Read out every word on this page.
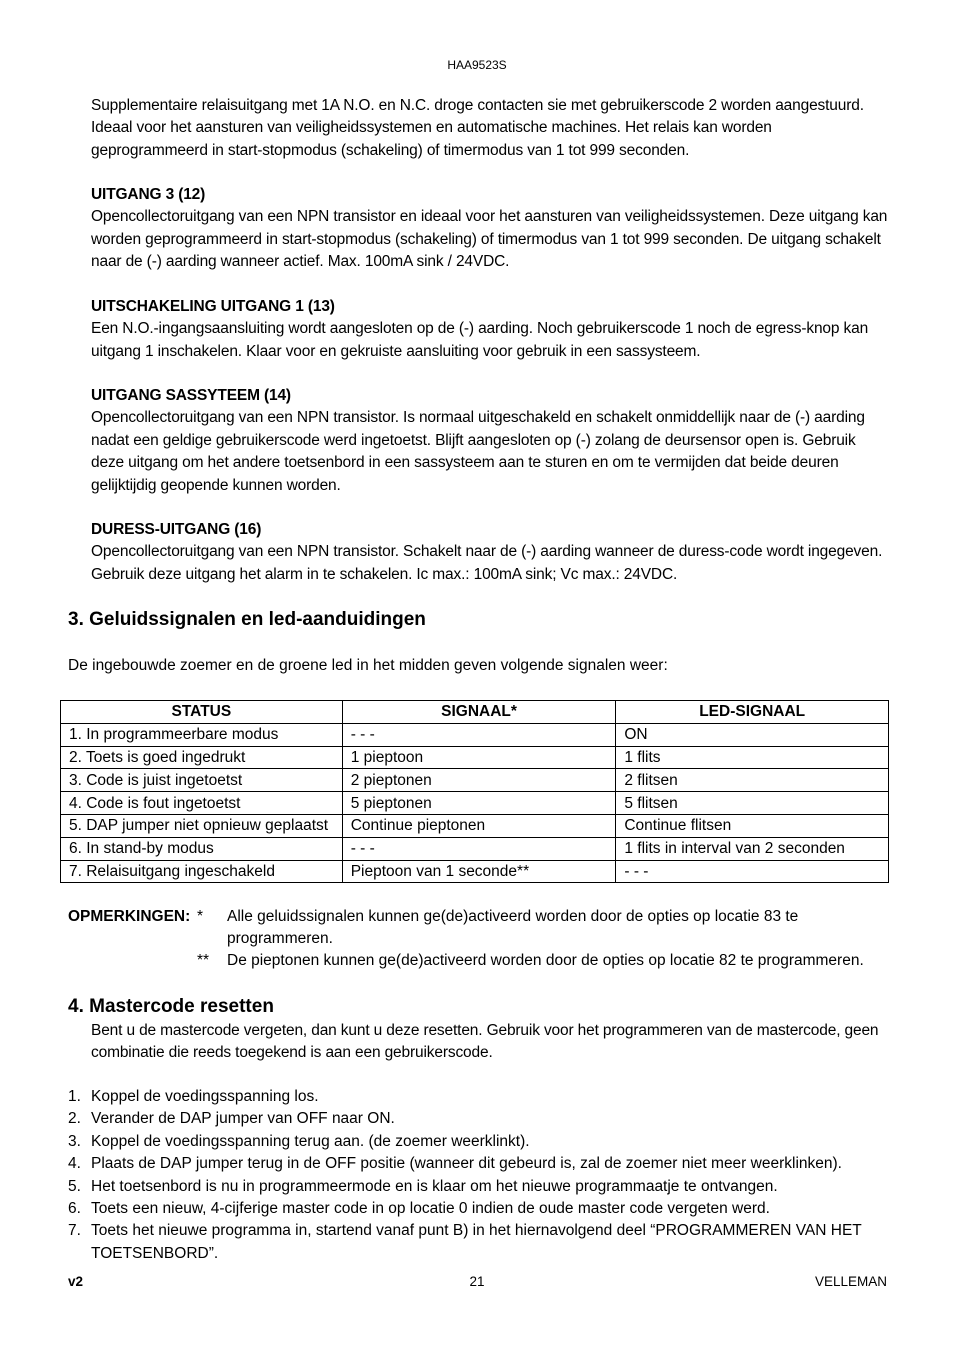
HAA9523S

Supplementaire relaisuitgang met 1A N.O. en N.C. droge contacten sie met gebruikerscode 2 worden aangestuurd. Ideaal voor het aansturen van veiligheidssystemen en automatische machines. Het relais kan worden geprogrammeerd in start-stopmodus (schakeling) of timermodus van 1 tot 999 seconden.

UITGANG 3 (12)

Opencollectoruitgang van een NPN transistor en ideaal voor het aansturen van veiligheidssystemen. Deze uitgang kan worden geprogrammeerd in start-stopmodus (schakeling) of timermodus van 1 tot 999 seconden. De uitgang schakelt naar de (-) aarding wanneer actief. Max. 100mA sink / 24VDC.

UITSCHAKELING UITGANG 1 (13)

Een N.O.-ingangsaansluiting wordt aangesloten op de (-) aarding. Noch gebruikerscode 1 noch de egress-knop kan uitgang 1 inschakelen. Klaar voor en gekruiste aansluiting voor gebruik in een sassysteem.

UITGANG SASSYTEEM (14)

Opencollectoruitgang van een NPN transistor. Is normaal uitgeschakeld en schakelt onmiddellijk naar de (-) aarding nadat een geldige gebruikerscode werd ingetoetst. Blijft aangesloten op (-) zolang de deursensor open is. Gebruik deze uitgang om het andere toetsenbord in een sassysteem aan te sturen en om te vermijden dat beide deuren gelijktijdig geopende kunnen worden.

DURESS-UITGANG (16)

Opencollectoruitgang van een NPN transistor. Schakelt naar de (-) aarding wanneer de duress-code wordt ingegeven. Gebruik deze uitgang het alarm in te schakelen. Ic max.: 100mA sink; Vc max.: 24VDC.

3. Geluidssignalen en led-aanduidingen
De ingebouwde zoemer en de groene led in het midden geven volgende signalen weer:
STATUS	SIGNAAL*	LED-SIGNAAL
1. In programmeerbare modus	- - -	ON
2. Toets is goed ingedrukt	1 pieptoon	1 flits
3. Code is juist ingetoetst	2 pieptonen	2 flitsen
4. Code is fout ingetoetst	5 pieptonen	5 flitsen
5. DAP jumper niet opnieuw geplaatst	Continue pieptonen	Continue flitsen
6. In stand-by modus	- - -	1 flits in interval van 2 seconden
7. Relaisuitgang ingeschakeld	Pieptoon van 1 seconde**	- - -
OPMERKINGEN: * Alle geluidssignalen kunnen ge(de)activeerd worden door de opties op locatie 83 te programmeren.
** De pieptonen kunnen ge(de)activeerd worden door de opties op locatie 82 te programmeren.
4. Mastercode resetten

Bent u de mastercode vergeten, dan kunt u deze resetten. Gebruik voor het programmeren van de mastercode, geen combinatie die reeds toegekend is aan een gebruikerscode.

1. Koppel de voedingsspanning los.
2. Verander de DAP jumper van OFF naar ON.
3. Koppel de voedingsspanning terug aan. (de zoemer weerklinkt).
4. Plaats de DAP jumper terug in de OFF positie (wanneer dit gebeurd is, zal de zoemer niet meer weerklinken).
5. Het toetsenbord is nu in programmeermode en is klaar om het nieuwe programmaatje te ontvangen.
6. Toets een nieuw, 4-cijferige master code in op locatie 0 indien de oude master code vergeten werd.
7. Toets het nieuwe programma in, startend vanaf punt B) in het hiernavolgend deel “PROGRAMMEREN VAN HET TOETSENBORD”.
v2	21	VELLEMAN
